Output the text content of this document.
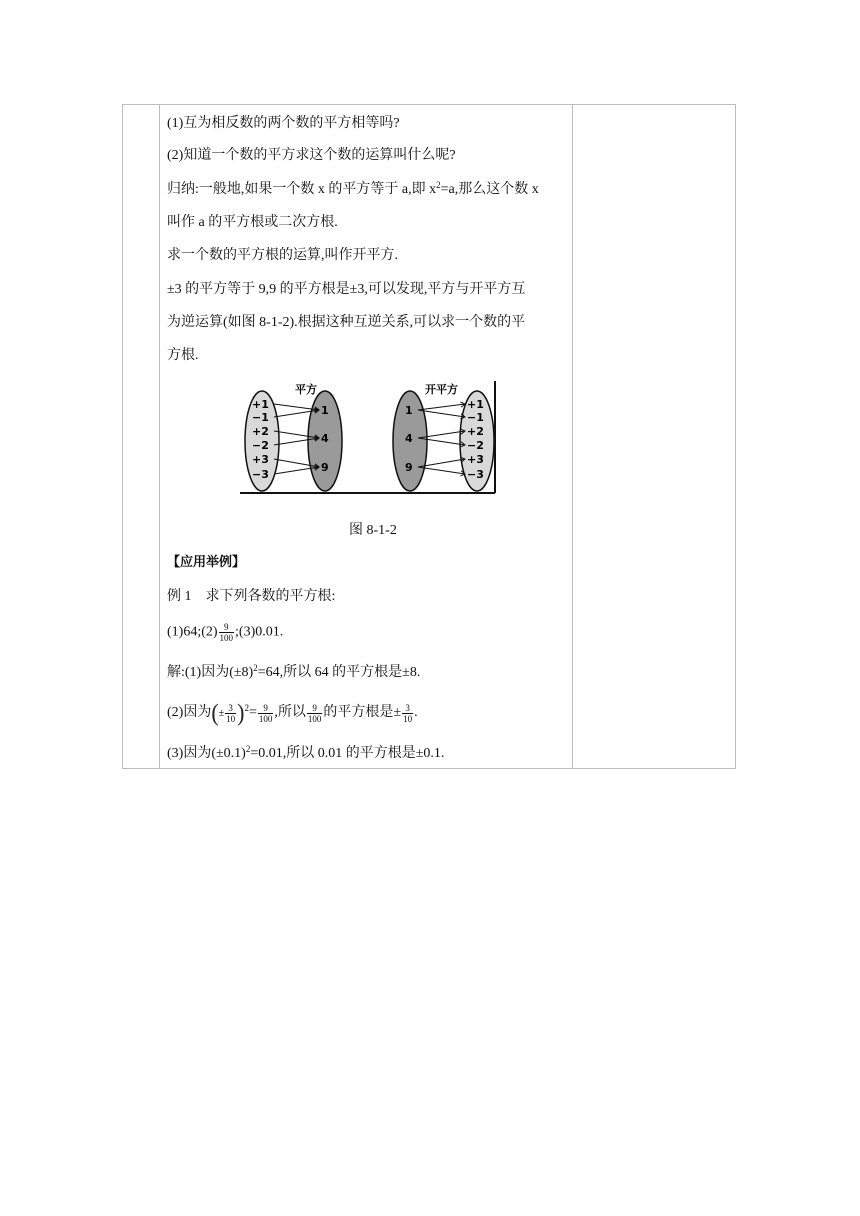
(1)互为相反数的两个数的平方相等吗?
(2)知道一个数的平方求这个数的运算叫什么呢?
归纳:一般地,如果一个数 x 的平方等于 a,即 $x^2=a$,那么这个数 x
叫作 a 的平方根或二次方根.
求一个数的平方根的运算,叫作开平方.
±3 的平方等于 9,9 的平方根是±3,可以发现,平方与开平方互
为逆运算(如图 8-1-2).根据这种互逆关系,可以求一个数的平
方根.
平方	开平方
+1
−1
+2
−2
+3
−3
1
4
9
1
4
9
+1
−1
+2
−2
+3
−3
图 8-1-2
【应用举例】
例 1　求下列各数的平方根:
(1)64;(2) $\frac{9}{100}$ ;(3)0.01.
解:(1)因为$(\pm 8)^2=64$,所以 64 的平方根是±8.
(2)因为(± $\frac{3}{10} )^2= \frac{9}{100}$ ,所以 $\frac{9}{100}$ 的平方根是± $\frac{3}{10}$ .
(3)因为$(\pm 0.1)^2=0.01$,所以 0.01 的平方根是±0.1.
